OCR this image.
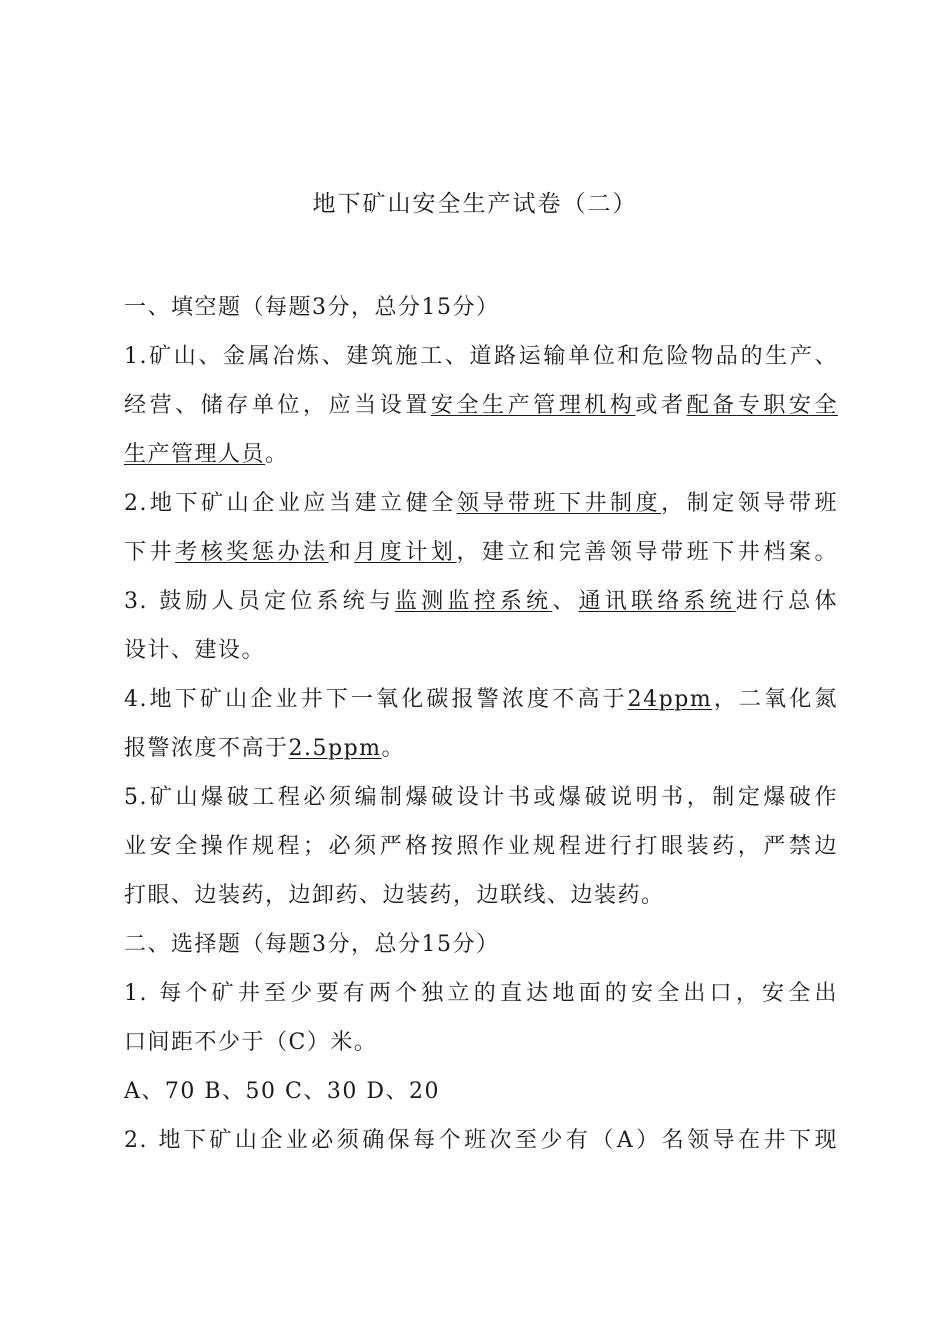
地下矿山安全生产试卷（二）
一、填空题（每题3分，总分15分）
1.矿山、金属冶炼、建筑施工、道路运输单位和危险物品的生产、
经营、储存单位，应当设置安全生产管理机构或者配备专职安全
生产管理人员。
2.地下矿山企业应当建立健全领导带班下井制度，制定领导带班
下井考核奖惩办法和月度计划，建立和完善领导带班下井档案。
3. 鼓励人员定位系统与监测监控系统、通讯联络系统进行总体
设计、建设。
4.地下矿山企业井下一氧化碳报警浓度不高于24ppm，二氧化氮
报警浓度不高于2.5ppm。
5.矿山爆破工程必须编制爆破设计书或爆破说明书，制定爆破作
业安全操作规程；必须严格按照作业规程进行打眼装药，严禁边
打眼、边装药，边卸药、边装药，边联线、边装药。
二、选择题（每题3分，总分15分）
1. 每个矿井至少要有两个独立的直达地面的安全出口，安全出
口间距不少于（C）米。
A、70 B、50 C、30 D、20
2. 地下矿山企业必须确保每个班次至少有（A）名领导在井下现
